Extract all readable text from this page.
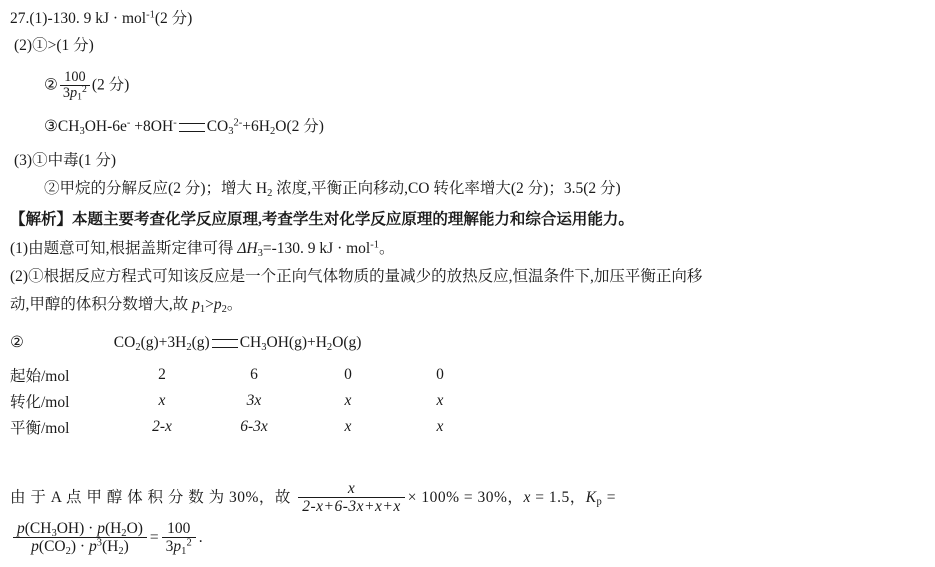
27.(1)-130. 9 kJ · mol$^{-1}$(2 分)
(2)①>(1 分)
② $\frac{100}{3p_1^2} (2$ 分)
$③CH_3OH-6e^- +8OH^-$ $CO_3^{2-}+6H_2O(2$ 分)
(3)①中毒(1 分)
②甲烷的分解反应(2 分)；增大 $H_2$ 浓度,平衡正向移动,CO 转化率增大(2 分)；3.5(2 分)
【解析】本题主要考查化学反应原理,考查学生对化学反应原理的理解能力和综合运用能力。
(1)由题意可知,根据盖斯定律可得 $\Delta H_3=-130$. 9 kJ · mol$^{-1}$。
(2)①根据反应方程式可知该反应是一个正向气体物质的量减少的放热反应,恒温条件下,加压平衡正向移
动,甲醇的体积分数增大,故 $p_1>p_2$。
②	$CO_2(g)+3H_2(g)$ $CH_3OH(g)+H_2O(g)$
起始/mol	2	6	0	0
转化/mol	x	3x	x	x
平衡/mol	2-x	6-3x	x	x
由 于 A 点 甲 醇 体 积 分 数 为 30%，故 $\frac{x}{2-x+6-3x+x+x} \times 100\% = 30\%$，x = 1.5，$K_p$ =
$\frac{p(CH_3OH) \cdot p(H_2O)}{p(CO_2) \cdot p^3(H_2)} = \frac{100}{3p_1^2}$ .
